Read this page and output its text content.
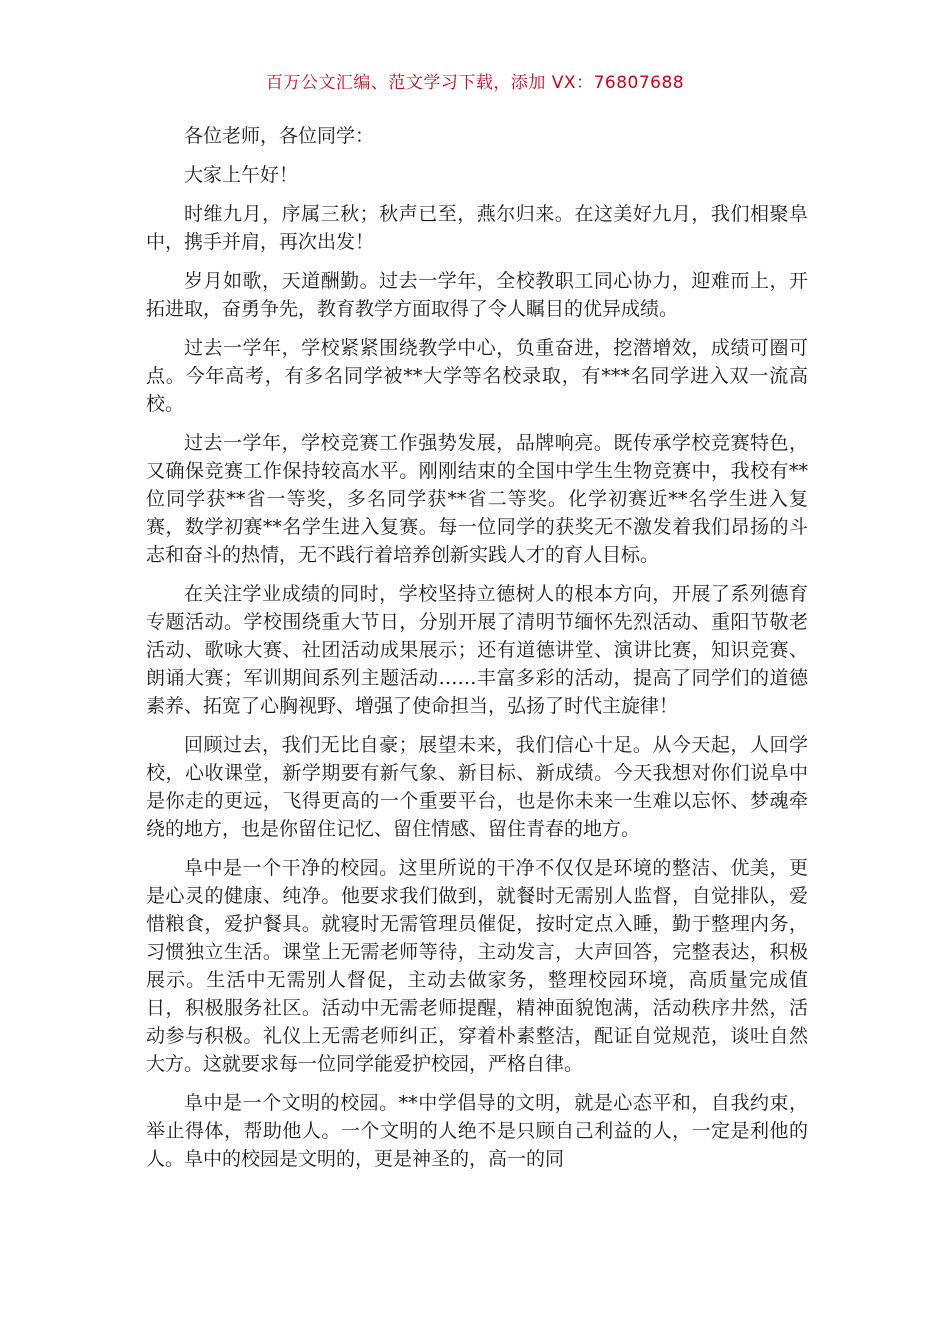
百万公文汇编、范文学习下载，添加 VX：76807688

各位老师，各位同学：

大家上午好！

时维九月，序属三秋；秋声已至，燕尔归来。在这美好九月，我们相聚阜中，携手并肩，再次出发！

岁月如歌，天道酬勤。过去一学年，全校教职工同心协力，迎难而上，开拓进取，奋勇争先，教育教学方面取得了令人瞩目的优异成绩。

过去一学年，学校紧紧围绕教学中心，负重奋进，挖潜增效，成绩可圈可点。今年高考，有多名同学被**大学等名校录取，有***名同学进入双一流高校。

过去一学年，学校竞赛工作强势发展，品牌响亮。既传承学校竞赛特色，又确保竞赛工作保持较高水平。刚刚结束的全国中学生生物竞赛中，我校有**位同学获**省一等奖，多名同学获**省二等奖。化学初赛近**名学生进入复赛，数学初赛**名学生进入复赛。每一位同学的获奖无不激发着我们昂扬的斗志和奋斗的热情，无不践行着培养创新实践人才的育人目标。

在关注学业成绩的同时，学校坚持立德树人的根本方向，开展了系列德育专题活动。学校围绕重大节日，分别开展了清明节缅怀先烈活动、重阳节敬老活动、歌咏大赛、社团活动成果展示；还有道德讲堂、演讲比赛，知识竞赛、朗诵大赛；军训期间系列主题活动……丰富多彩的活动，提高了同学们的道德素养、拓宽了心胸视野、增强了使命担当，弘扬了时代主旋律！

回顾过去，我们无比自豪；展望未来，我们信心十足。从今天起，人回学校，心收课堂，新学期要有新气象、新目标、新成绩。今天我想对你们说阜中是你走的更远，飞得更高的一个重要平台，也是你未来一生难以忘怀、梦魂牵绕的地方，也是你留住记忆、留住情感、留住青春的地方。

阜中是一个干净的校园。这里所说的干净不仅仅是环境的整洁、优美，更是心灵的健康、纯净。他要求我们做到，就餐时无需别人监督，自觉排队，爱惜粮食，爱护餐具。就寝时无需管理员催促，按时定点入睡，勤于整理内务，习惯独立生活。课堂上无需老师等待，主动发言，大声回答，完整表达，积极展示。生活中无需别人督促，主动去做家务，整理校园环境，高质量完成值日，积极服务社区。活动中无需老师提醒，精神面貌饱满，活动秩序井然，活动参与积极。礼仪上无需老师纠正，穿着朴素整洁，配证自觉规范，谈吐自然大方。这就要求每一位同学能爱护校园，严格自律。

阜中是一个文明的校园。**中学倡导的文明，就是心态平和，自我约束，举止得体，帮助他人。一个文明的人绝不是只顾自己利益的人，一定是利他的人。阜中的校园是文明的，更是神圣的，高一的同
